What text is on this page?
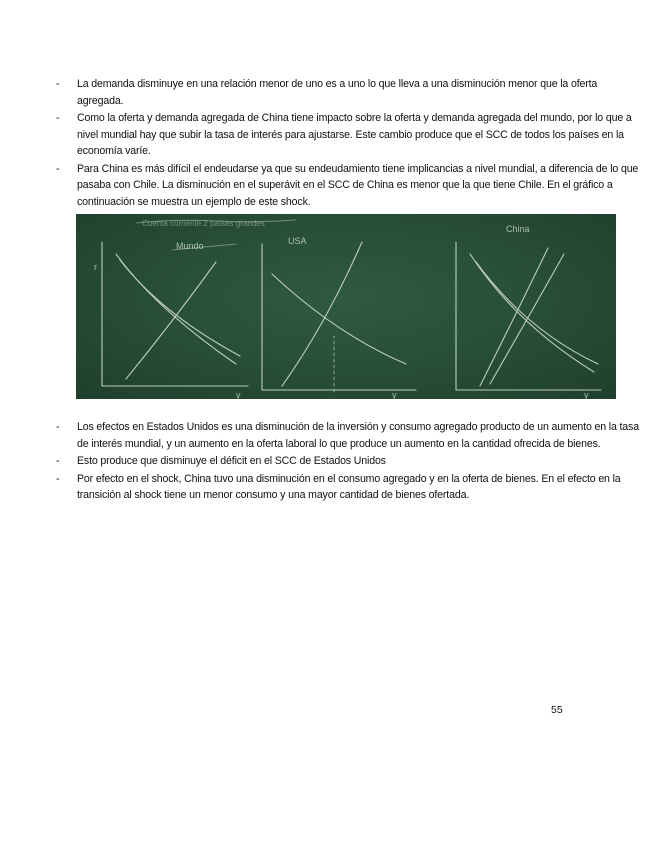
- La demanda disminuye en una relación menor de uno es a uno lo que lleva a una disminución menor que la oferta agregada.
- Como la oferta y demanda agregada de China tiene impacto sobre la oferta y demanda agregada del mundo, por lo que a nivel mundial hay que subir la tasa de interés para ajustarse. Este cambio produce que el SCC de todos los países en la economía varíe.
- Para China es más difícil el endeudarse ya que su endeudamiento tiene implicancias a nivel mundial, a diferencia de lo que pasaba con Chile. La disminución en el superávit en el SCC de China es menor que la que tiene Chile. En el gráfico a continuación se muestra un ejemplo de este shock.
Mundo	USA
China
Cuenta corriente 2 países grandes
r
y	y	y
- Los efectos en Estados Unidos es una disminución de la inversión y consumo agregado producto de un aumento en la tasa de interés mundial, y un aumento en la oferta laboral lo que produce un aumento en la cantidad ofrecida de bienes.
- Esto produce que disminuye el déficit en el SCC de Estados Unidos
- Por efecto en el shock, China tuvo una disminución en el consumo agregado y en la oferta de bienes. En el efecto en la transición al shock tiene un menor consumo y una mayor cantidad de bienes ofertada.
55
